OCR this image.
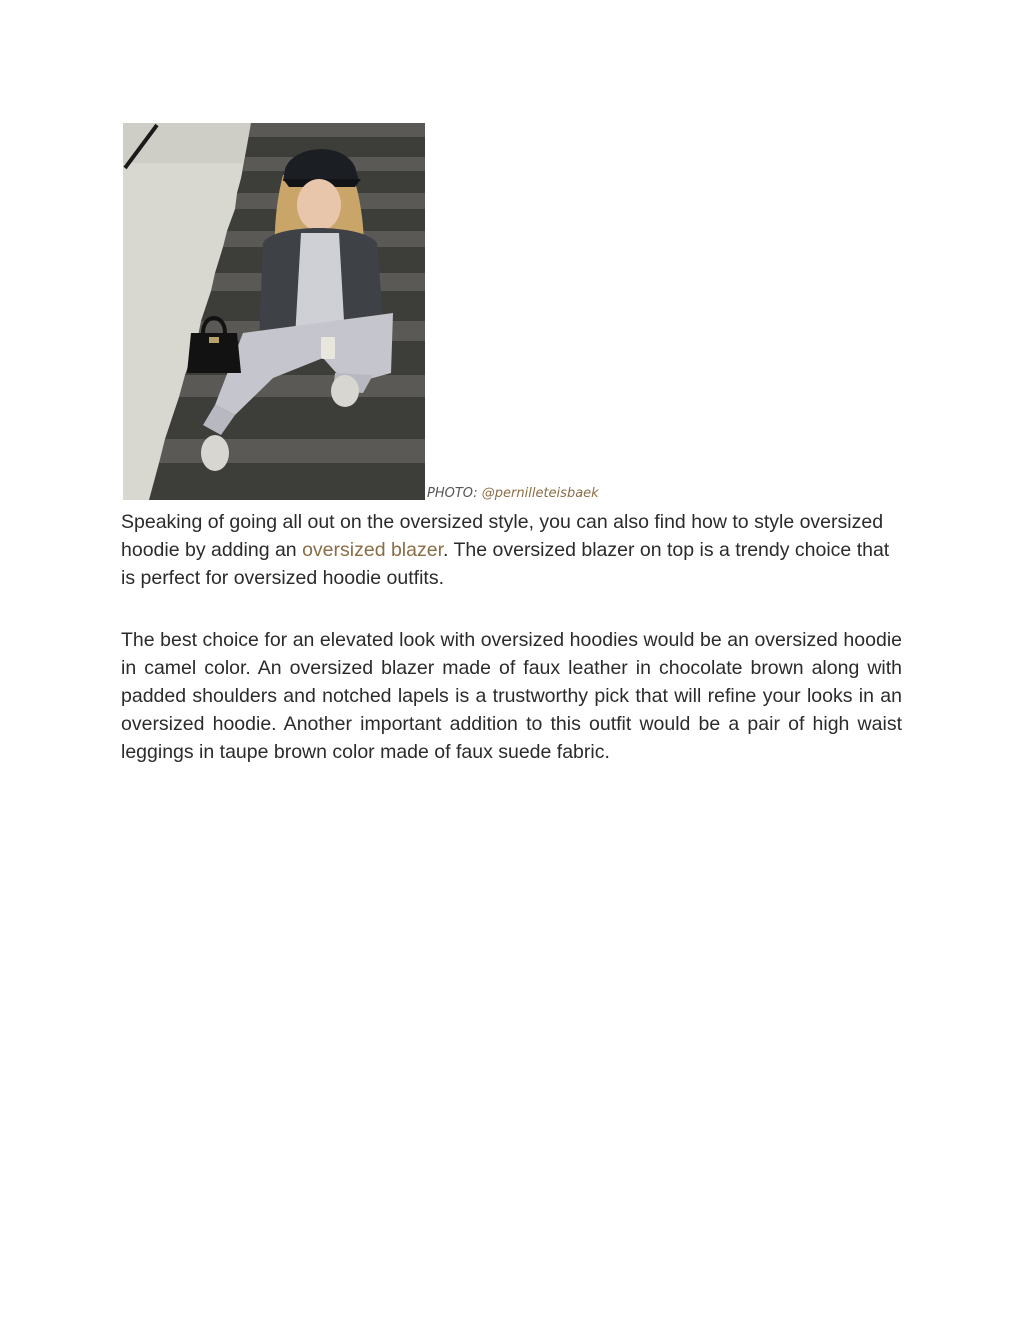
PHOTO: @pernilleteisbaek

Speaking of going all out on the oversized style, you can also find how to style oversized hoodie by adding an oversized blazer. The oversized blazer on top is a trendy choice that is perfect for oversized hoodie outfits.

The best choice for an elevated look with oversized hoodies would be an oversized hoodie in camel color. An oversized blazer made of faux leather in chocolate brown along with padded shoulders and notched lapels is a trustworthy pick that will refine your looks in an oversized hoodie. Another important addition to this outfit would be a pair of high waist leggings in taupe brown color made of faux suede fabric.
